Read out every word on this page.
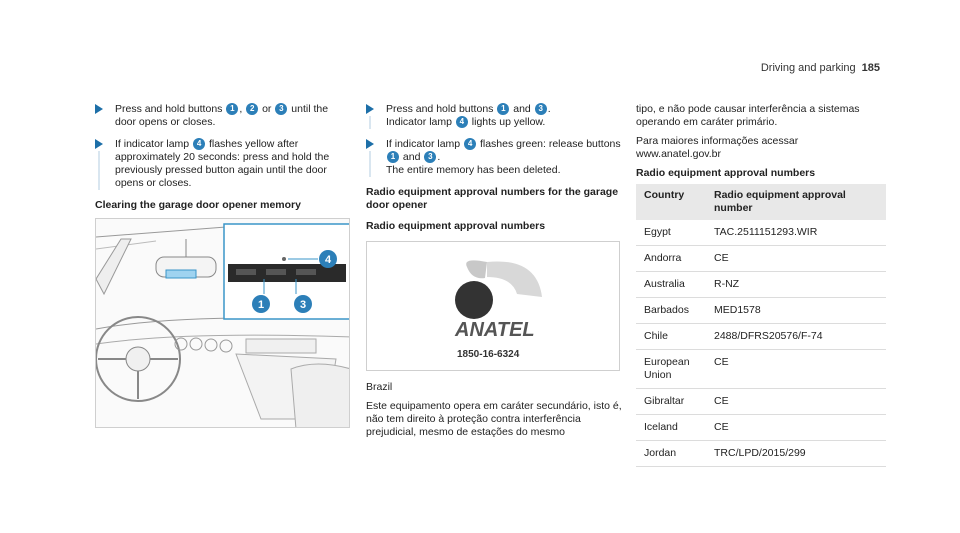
Driving and parking 185
Press and hold buttons 1 , 2 or 3 until the door opens or closes.
If indicator lamp 4 flashes yellow after approximately 20 seconds: press and hold the previously pressed button again until the door opens or closes.
Clearing the garage door opener memory
4
1	3
Press and hold buttons 1 and 3 .
Indicator lamp 4 lights up yellow.
If indicator lamp 4 flashes green: release buttons 1 and 3 .
The entire memory has been deleted.
Radio equipment approval numbers for the garage door opener
Radio equipment approval numbers
ANATEL
1850-16-6324

Brazil

Este equipamento opera em caráter secundário, isto é, não tem direito à proteção contra interferência prejudicial, mesmo de estações do mesmo

tipo, e não pode causar interferência a sistemas operando em caráter primário.

Para maiores informações acessar www.anatel.gov.br

Radio equipment approval numbers
Country	Radio equipment approval number
Egypt	TAC.2511151293.WIR
Andorra	CE
Australia	R-NZ
Barbados	MED1578
Chile	2488/DFRS20576/F-74
European Union	CE
Gibraltar	CE
Iceland	CE
Jordan	TRC/LPD/2015/299
